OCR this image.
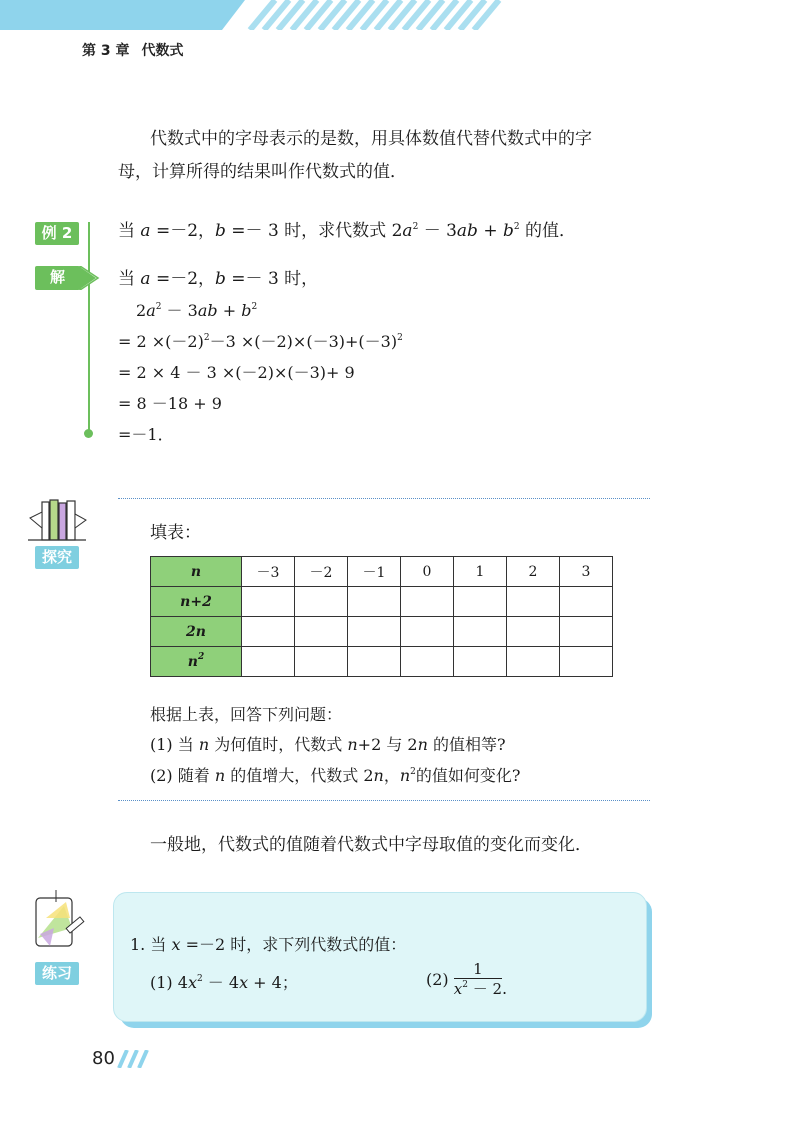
第 3 章 代数式
代数式中的字母表示的是数，用具体数值代替代数式中的字
母，计算所得的结果叫作代数式的值．
例 2	当 a =－2，b =－ 3 时，求代数式 $2a^2 - 3ab + b^2$ 的值．
解	当 a =－2，b =－ 3 时，
$2a^2 - 3ab + b^2$
= $2 \times(-2)^2-3 \times(-2)\times(-3)+(-3)^2$
= 2 × 4 － 3 ×(－2)×(－3)+ 9
= 8 －18 + 9
=－1．
探究
填表：
n	－3	－2	－1	0	1	2	3
n+2							
2n							
$n^2$							
根据上表，回答下列问题：
(1) 当 n 为何值时，代数式 n+2 与 2n 的值相等?
(2) 随着 n 的值增大，代数式 2n，$n^2$的值如何变化?
一般地，代数式的值随着代数式中字母取值的变化而变化．
练习
1. 当 x =－2 时，求下列代数式的值：
(1) $4x^2 - 4x + 4$；	$(2) \frac{1}{x^2 - 2}$ .
80
